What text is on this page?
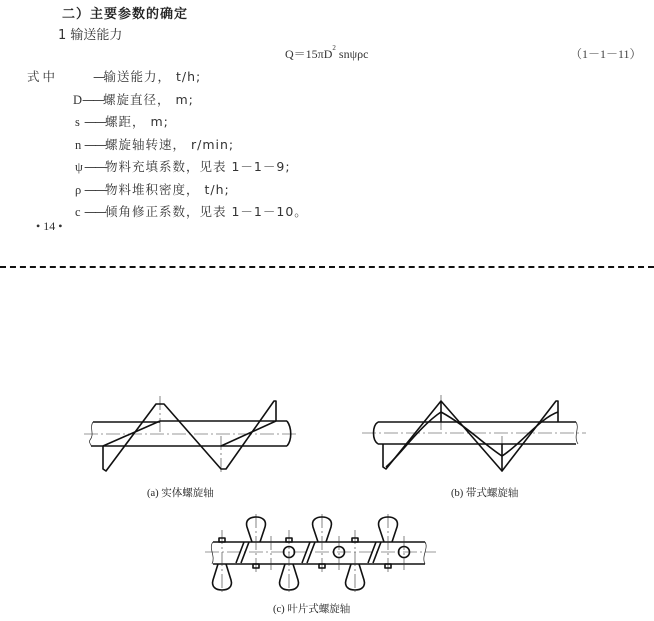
二）主要参数的确定
1 输送能力
$Q=15\pi D^2$ snψρc	（1－1－11）
式中	—输送能力， t/h;
D——螺旋直径， m;
s ——螺距， m;
n ——螺旋轴转速， r/min;
ψ——物料充填系数，见表 1－1－9;
ρ ——物料堆积密度， t/h;
c ——倾角修正系数，见表 1－1－10。
• 14 •
(a) 实体螺旋轴	(b) 带式螺旋轴
(c) 叶片式螺旋轴
